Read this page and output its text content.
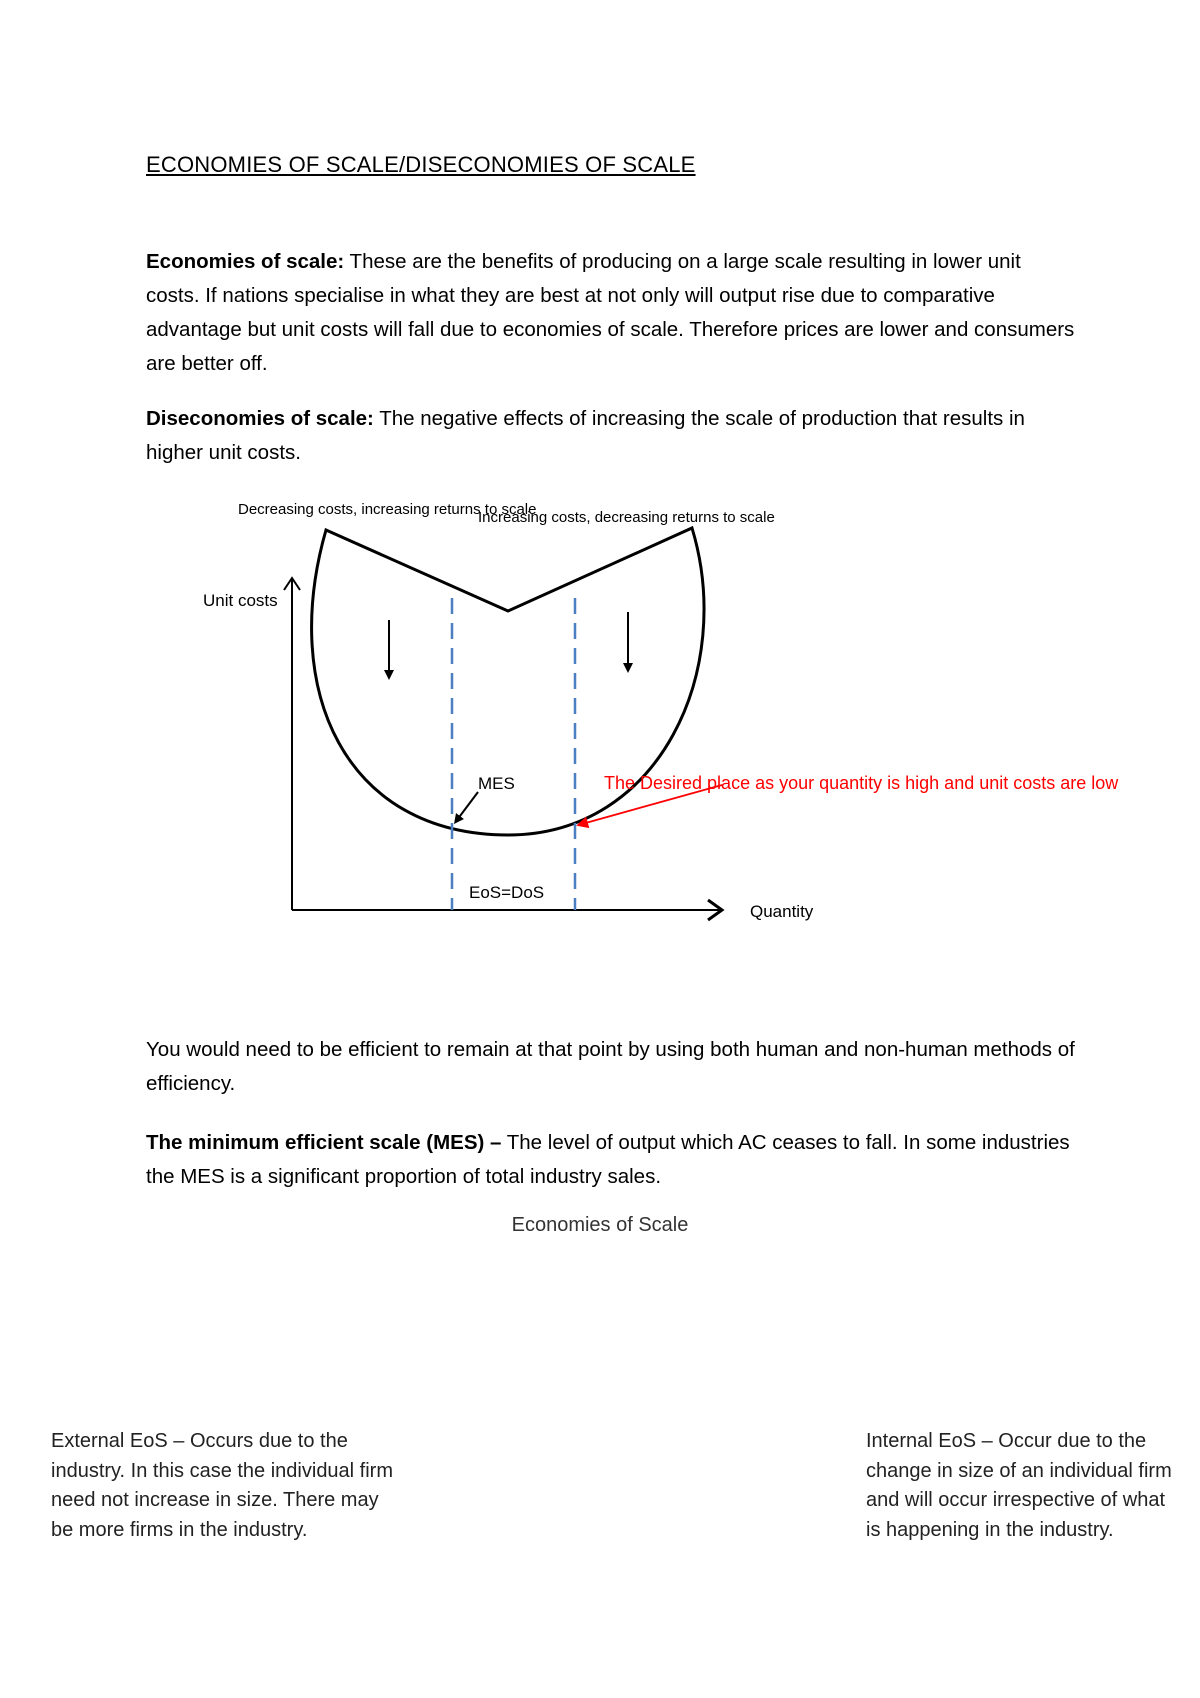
ECONOMIES OF SCALE/DISECONOMIES OF SCALE
Economies of scale: These are the benefits of producing on a large scale resulting in lower unit costs. If nations specialise in what they are best at not only will output rise due to comparative advantage but unit costs will fall due to economies of scale. Therefore prices are lower and consumers are better off.
Diseconomies of scale: The negative effects of increasing the scale of production that results in higher unit costs.
Decreasing costs, increasing returns to scale
Increasing costs, decreasing returns to scale
Unit costs
Quantity
MES
EoS=DoS
The Desired place as your quantity is high and unit costs are low
You would need to be efficient to remain at that point by using both human and non-human methods of efficiency.
The minimum efficient scale (MES) – The level of output which AC ceases to fall. In some industries the MES is a significant proportion of total industry sales.
Economies of Scale
External EoS – Occurs due to the industry. In this case the individual firm need not increase in size. There may be more firms in the industry.
Internal EoS – Occur due to the change in size of an individual firm and will occur irrespective of what is happening in the industry.
